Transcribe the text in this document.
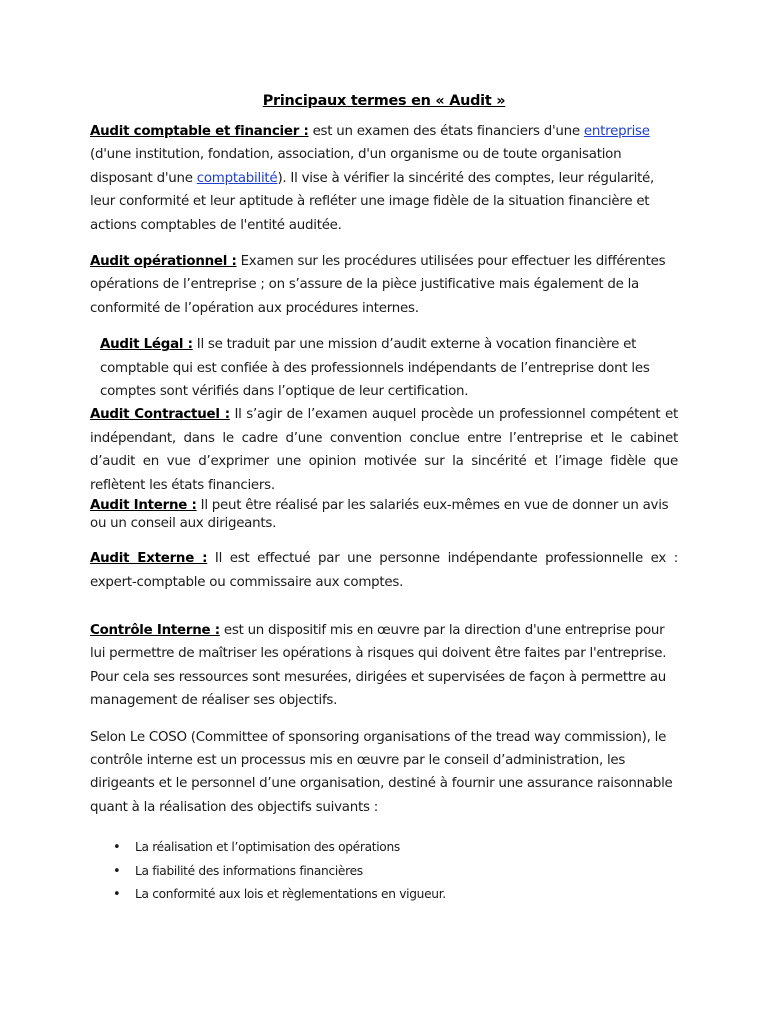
Principaux termes en « Audit »

Audit comptable et financier : est un examen des états financiers d'une entreprise (d'une institution, fondation, association, d'un organisme ou de toute organisation disposant d'une comptabilité). Il vise à vérifier la sincérité des comptes, leur régularité, leur conformité et leur aptitude à refléter une image fidèle de la situation financière et actions comptables de l'entité auditée.

Audit opérationnel : Examen sur les procédures utilisées pour effectuer les différentes opérations de l’entreprise ; on s’assure de la pièce justificative mais également de la conformité de l’opération aux procédures internes.

Audit Légal : Il se traduit par une mission d’audit externe à vocation financière et comptable qui est confiée à des professionnels indépendants de l’entreprise dont les comptes sont vérifiés dans l’optique de leur certification.

Audit Contractuel : Il s’agir de l’examen auquel procède un professionnel compétent et indépendant, dans le cadre d’une convention conclue entre l’entreprise et le cabinet d’audit en vue d’exprimer une opinion motivée sur la sincérité et l’image fidèle que reflètent les états financiers.

Audit Interne : Il peut être réalisé par les salariés eux-mêmes en vue de donner un avis ou un conseil aux dirigeants.

Audit Externe : Il est effectué par une personne indépendante professionnelle ex : expert-comptable ou commissaire aux comptes.

Contrôle Interne : est un dispositif mis en œuvre par la direction d'une entreprise pour lui permettre de maîtriser les opérations à risques qui doivent être faites par l'entreprise. Pour cela ses ressources sont mesurées, dirigées et supervisées de façon à permettre au management de réaliser ses objectifs.

Selon Le COSO (Committee of sponsoring organisations of the tread way commission), le contrôle interne est un processus mis en œuvre par le conseil d’administration, les dirigeants et le personnel d’une organisation, destiné à fournir une assurance raisonnable quant à la réalisation des objectifs suivants :

• La réalisation et l’optimisation des opérations
• La fiabilité des informations financières
• La conformité aux lois et règlementations en vigueur.
